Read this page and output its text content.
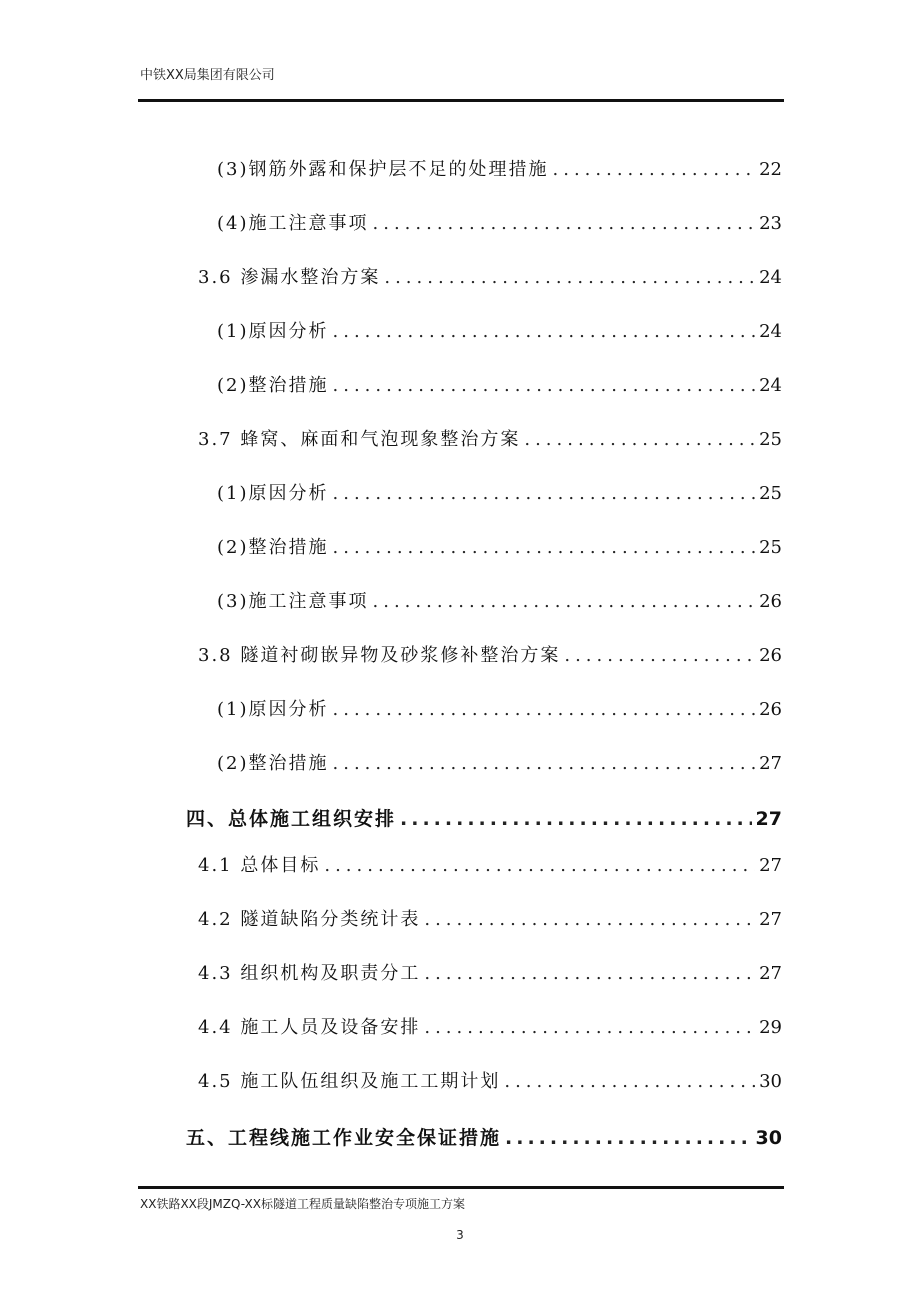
中铁XX局集团有限公司
(3)钢筋外露和保护层不足的处理措施 .....	22
(4)施工注意事项 .....	23
3.6 渗漏水整治方案 .....	24
(1)原因分析 .....	24
(2)整治措施 .....	24
3.7 蜂窝、麻面和气泡现象整治方案 .....	25
(1)原因分析 .....	25
(2)整治措施 .....	25
(3)施工注意事项 .....	26
3.8 隧道衬砌嵌异物及砂浆修补整治方案 .....	26
(1)原因分析 .....	26
(2)整治措施 .....	27
四、总体施工组织安排 .....	27
4.1 总体目标 .....	27
4.2 隧道缺陷分类统计表 .....	27
4.3 组织机构及职责分工 .....	27
4.4 施工人员及设备安排 .....	29
4.5 施工队伍组织及施工工期计划 .....	30
五、工程线施工作业安全保证措施 .....	30
XX铁路XX段JMZQ-XX标隧道工程质量缺陷整治专项施工方案
3
